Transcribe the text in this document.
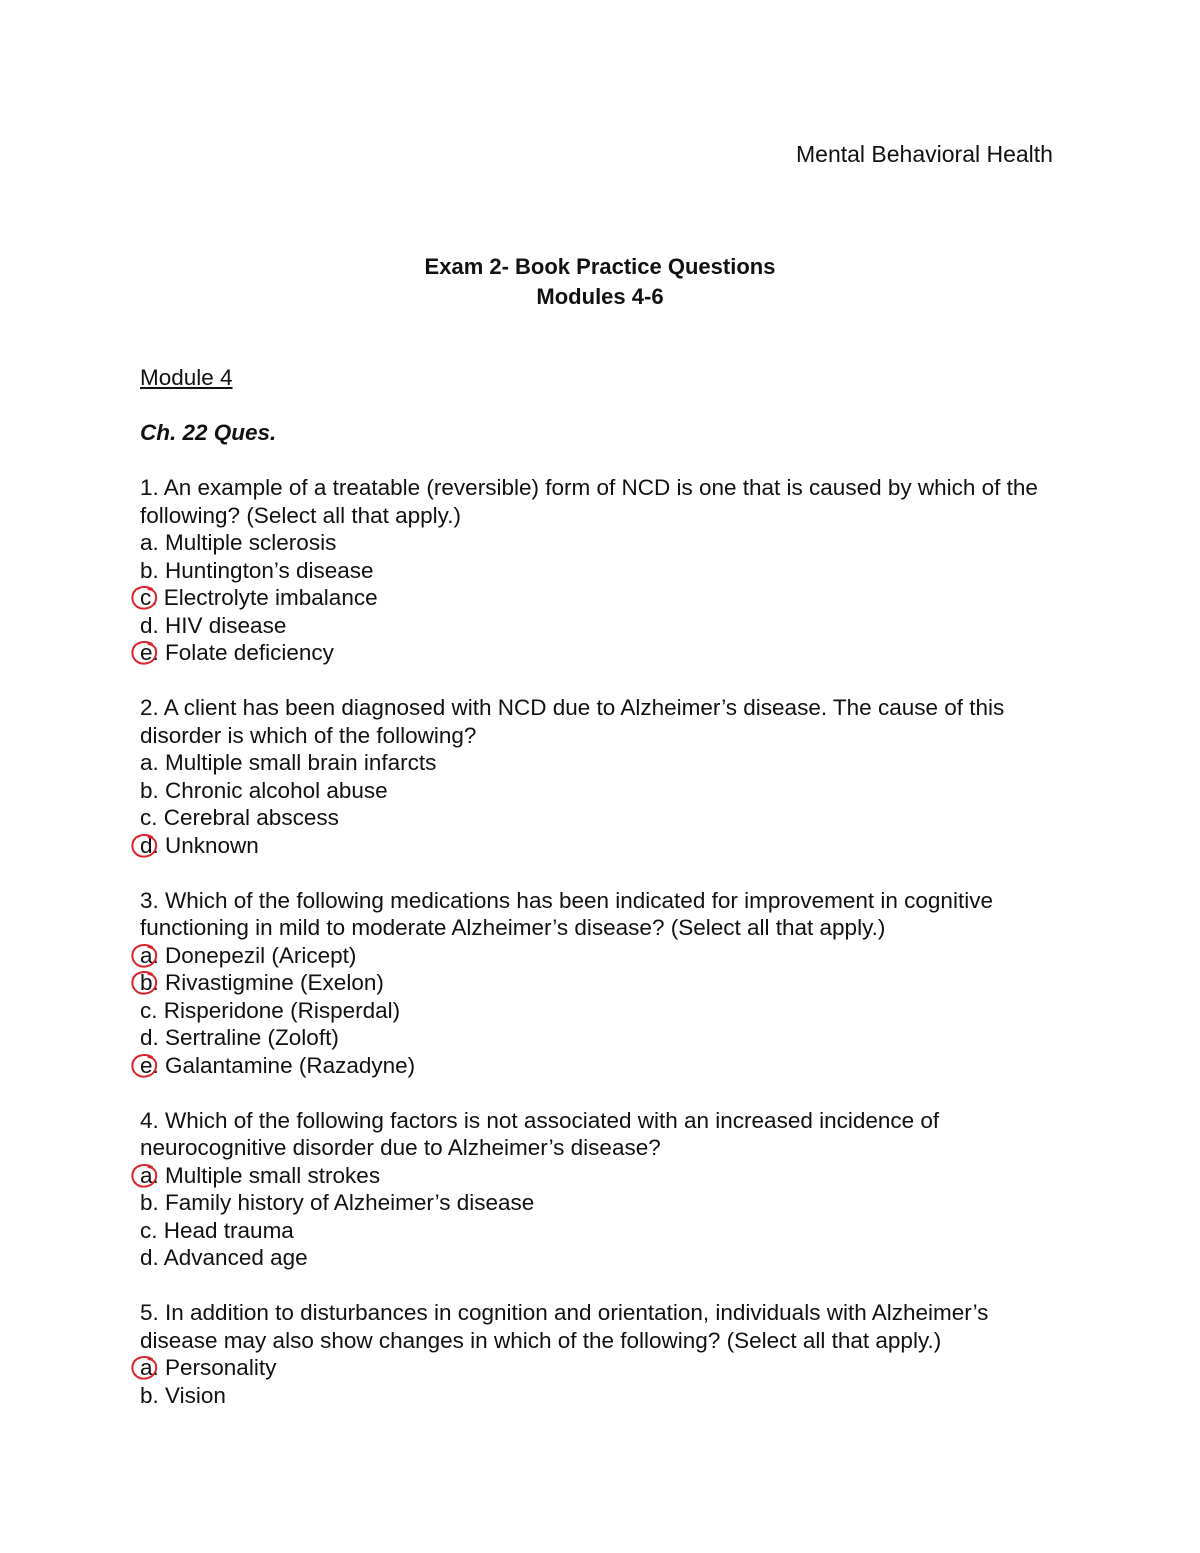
Mental Behavioral Health
Exam 2- Book Practice Questions
Modules 4-6
Module 4
Ch. 22 Ques.
1. An example of a treatable (reversible) form of NCD is one that is caused by which of the following? (Select all that apply.)
a. Multiple sclerosis
b. Huntington’s disease
c. Electrolyte imbalance
d. HIV disease
e. Folate deficiency
2. A client has been diagnosed with NCD due to Alzheimer’s disease. The cause of this disorder is which of the following?
a. Multiple small brain infarcts
b. Chronic alcohol abuse
c. Cerebral abscess
d. Unknown
3. Which of the following medications has been indicated for improvement in cognitive functioning in mild to moderate Alzheimer’s disease? (Select all that apply.)
a. Donepezil (Aricept)
b. Rivastigmine (Exelon)
c. Risperidone (Risperdal)
d. Sertraline (Zoloft)
e. Galantamine (Razadyne)
4. Which of the following factors is not associated with an increased incidence of neurocognitive disorder due to Alzheimer’s disease?
a. Multiple small strokes
b. Family history of Alzheimer’s disease
c. Head trauma
d. Advanced age
5. In addition to disturbances in cognition and orientation, individuals with Alzheimer’s disease may also show changes in which of the following? (Select all that apply.)
a. Personality
b. Vision
